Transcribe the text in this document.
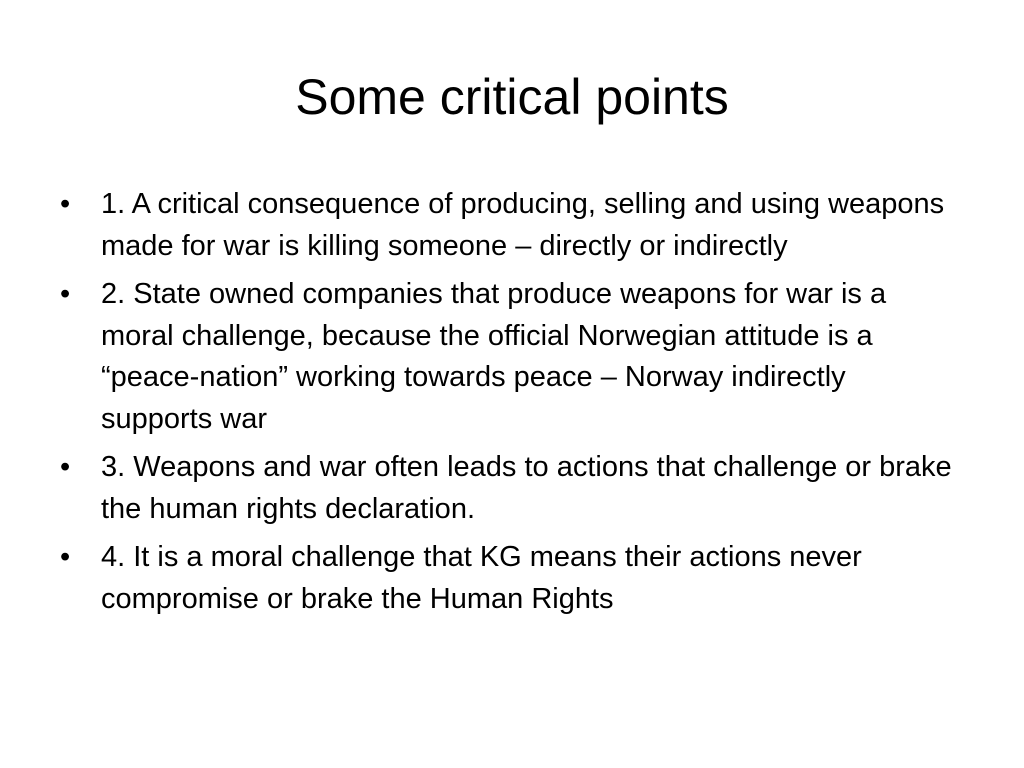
Some critical points
•	1. A critical consequence of producing, selling and using weapons made for war is killing someone – directly or indirectly
•	2. State owned companies that produce weapons for war is a moral challenge, because the official Norwegian attitude is a “peace-nation” working towards peace – Norway indirectly supports war
•	3. Weapons and war often leads to actions that challenge or brake the human rights declaration.
•	4. It is a moral challenge that KG means their actions never compromise or brake the Human Rights
